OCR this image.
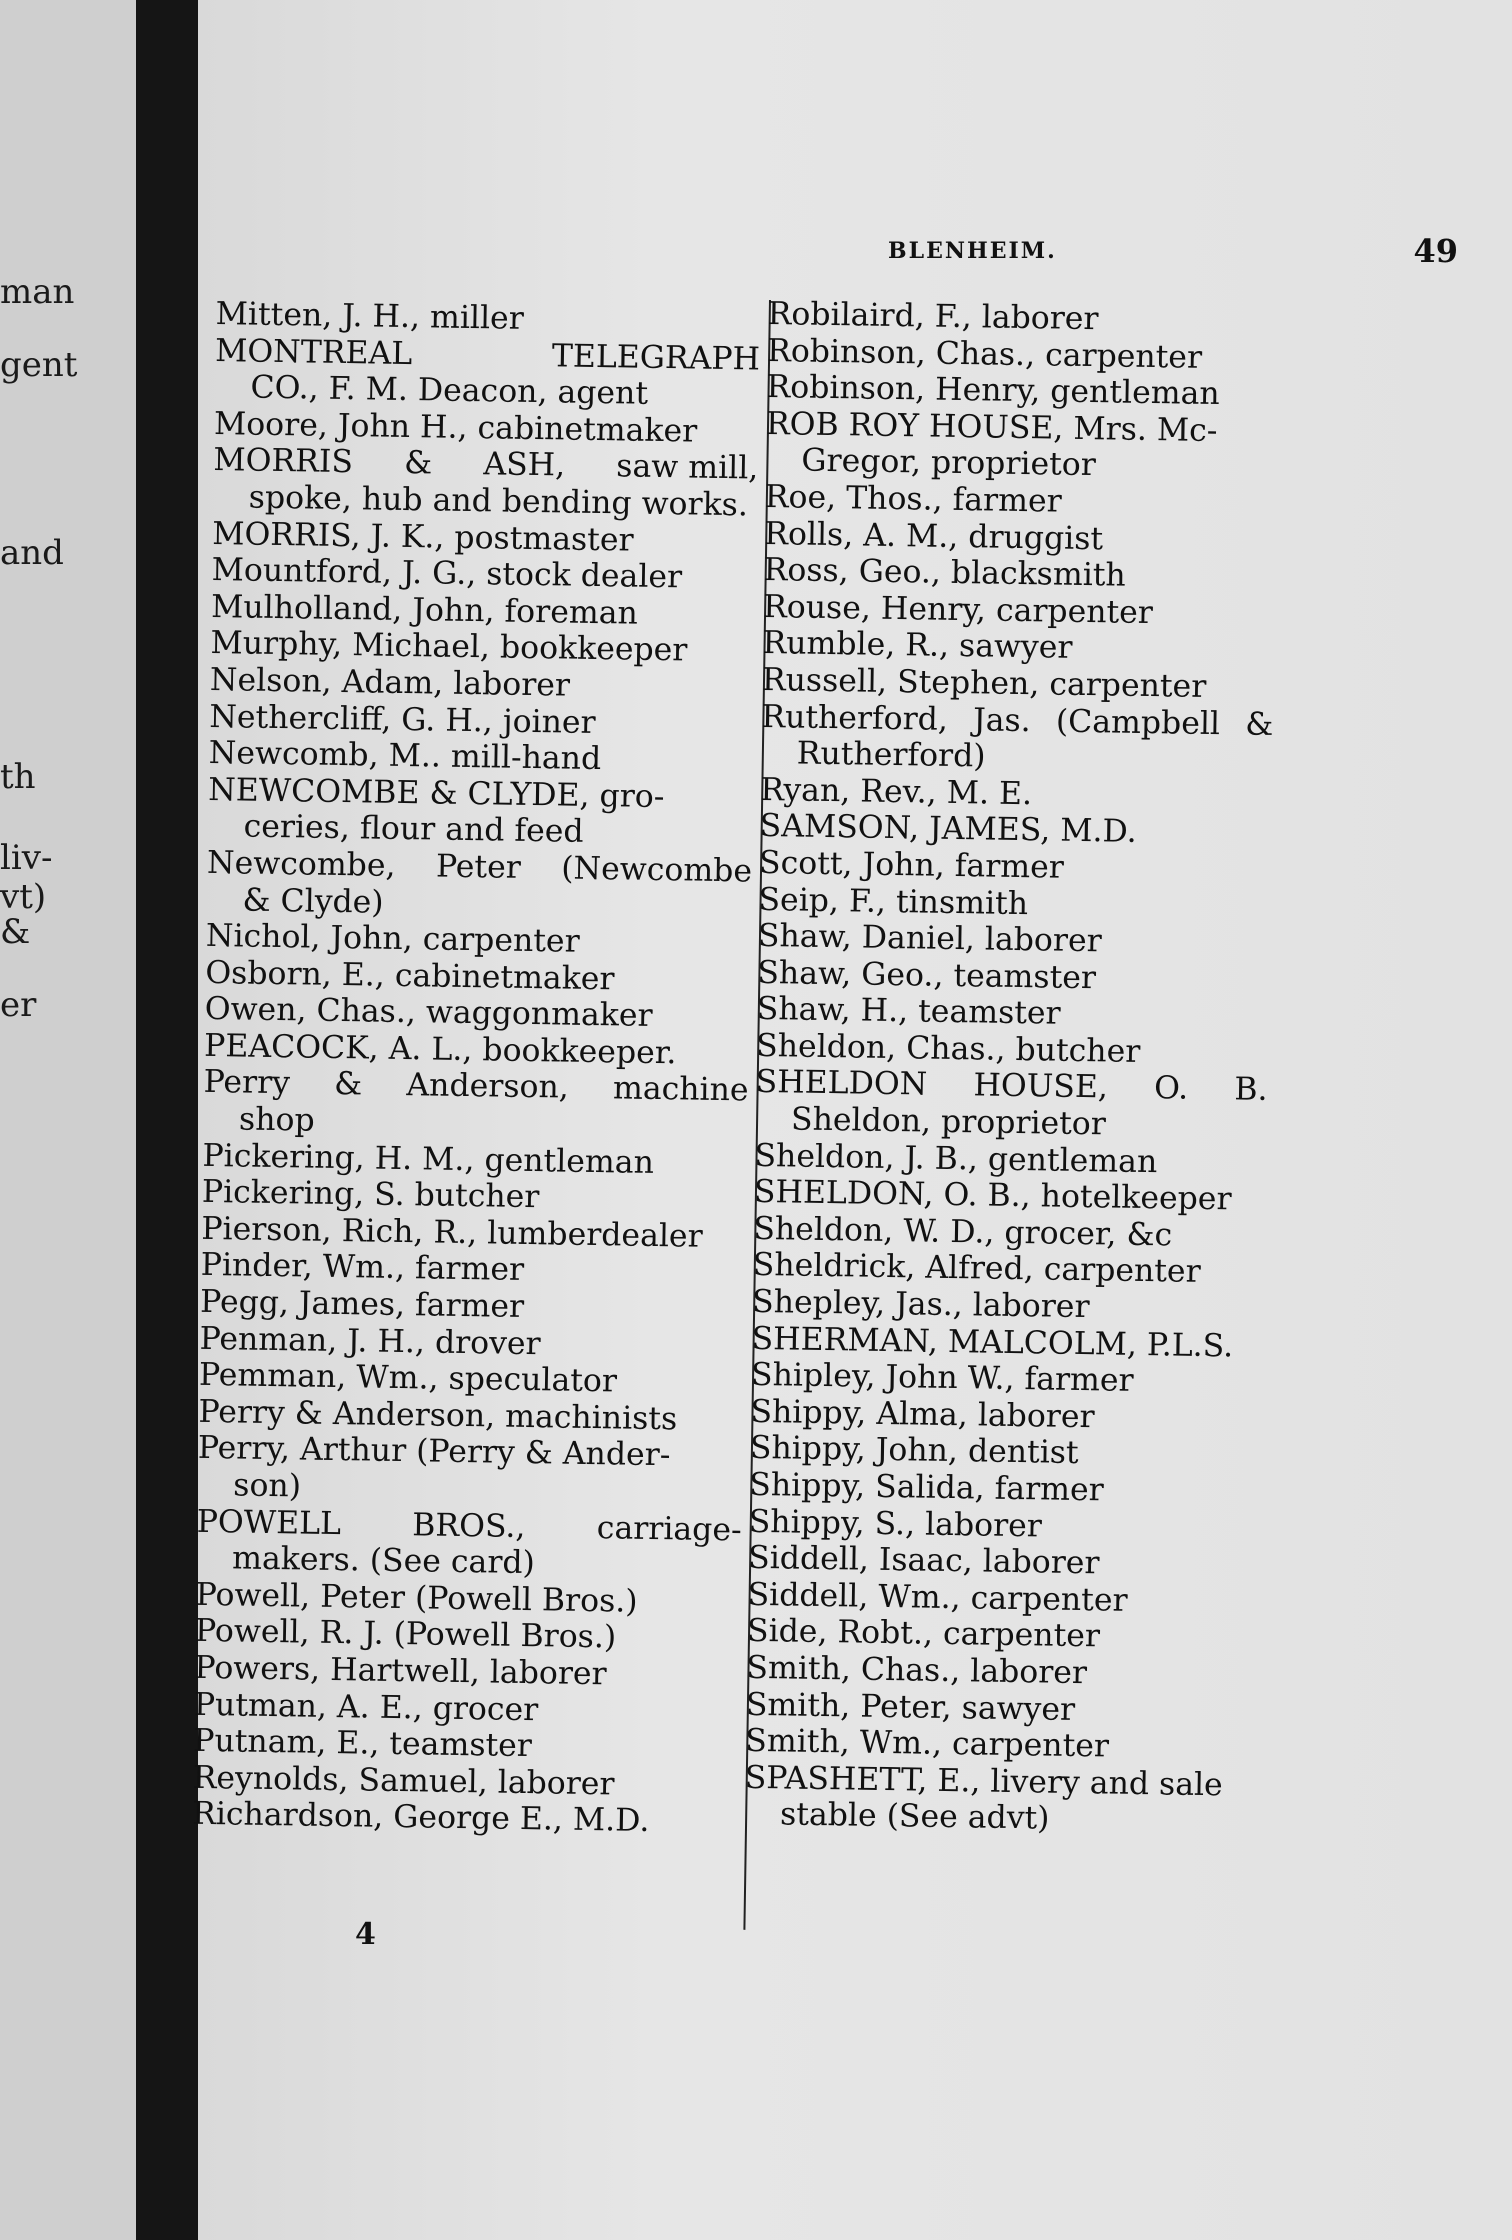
man
gent
and
th
liv-
vt)
&
er
BLENHEIM.	49
Mitten, J. H., miller
MONTREAL	TELEGRAPH
CO., F. M. Deacon, agent
Moore, John H., cabinetmaker
MORRIS & ASH, saw mill,
spoke, hub and bending works.
MORRIS, J. K., postmaster
Mountford, J. G., stock dealer
Mulholland, John, foreman
Murphy, Michael, bookkeeper
Nelson, Adam, laborer
Nethercliff, G. H., joiner
Newcomb, M.. mill-hand
NEWCOMBE & CLYDE, gro-
ceries, flour and feed
Newcombe, Peter (Newcombe
& Clyde)
Nichol, John, carpenter
Osborn, E., cabinetmaker
Owen, Chas., waggonmaker
PEACOCK, A. L., bookkeeper.
Perry & Anderson, machine
shop
Pickering, H. M., gentleman
Pickering, S. butcher
Pierson, Rich, R., lumberdealer
Pinder, Wm., farmer
Pegg, James, farmer
Penman, J. H., drover
Pemman, Wm., speculator
Perry & Anderson, machinists
Perry, Arthur (Perry & Ander-
son)
POWELL BROS., carriage-
makers. (See card)
Powell, Peter (Powell Bros.)
Powell, R. J. (Powell Bros.)
Powers, Hartwell, laborer
Putman, A. E., grocer
Putnam, E., teamster
Reynolds, Samuel, laborer
Richardson, George E., M.D.
Robilaird, F., laborer
Robinson, Chas., carpenter
Robinson, Henry, gentleman
ROB ROY HOUSE, Mrs. Mc-
Gregor, proprietor
Roe, Thos., farmer
Rolls, A. M., druggist
Ross, Geo., blacksmith
Rouse, Henry, carpenter
Rumble, R., sawyer
Russell, Stephen, carpenter
Rutherford, Jas. (Campbell &
Rutherford)
Ryan, Rev., M. E.
SAMSON, JAMES, M.D.
Scott, John, farmer
Seip, F., tinsmith
Shaw, Daniel, laborer
Shaw, Geo., teamster
Shaw, H., teamster
Sheldon, Chas., butcher
SHELDON HOUSE, O. B.
Sheldon, proprietor
Sheldon, J. B., gentleman
SHELDON, O. B., hotelkeeper
Sheldon, W. D., grocer, &c
Sheldrick, Alfred, carpenter
Shepley, Jas., laborer
SHERMAN, MALCOLM, P.L.S.
Shipley, John W., farmer
Shippy, Alma, laborer
Shippy, John, dentist
Shippy, Salida, farmer
Shippy, S., laborer
Siddell, Isaac, laborer
Siddell, Wm., carpenter
Side, Robt., carpenter
Smith, Chas., laborer
Smith, Peter, sawyer
Smith, Wm., carpenter
SPASHETT, E., livery and sale
stable (See advt)
4
